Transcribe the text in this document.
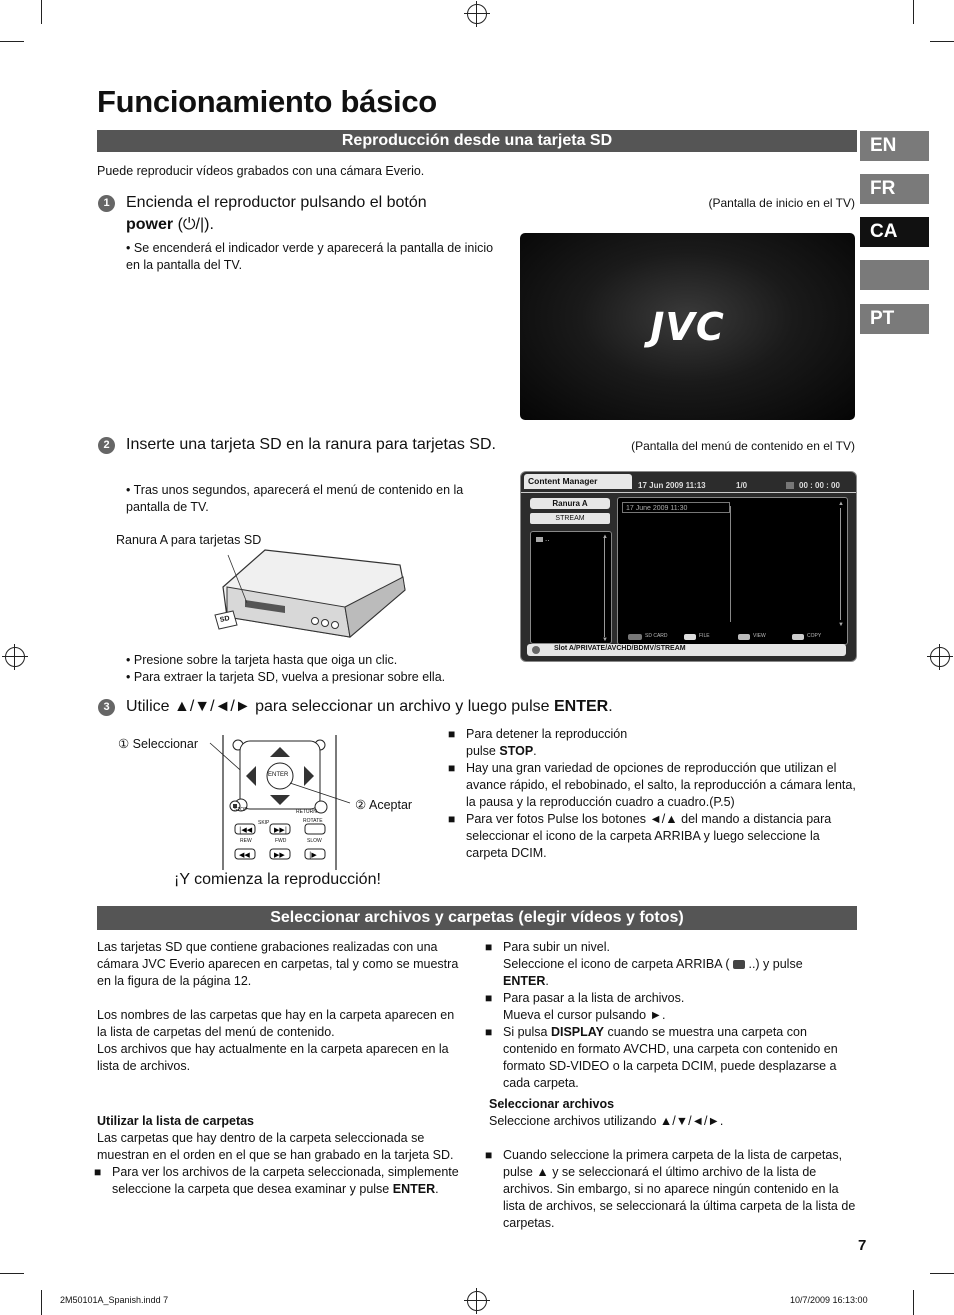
Funcionamiento básico
Reproducción desde una tarjeta SD	EN
FR
CA
PT
Puede reproducir vídeos grabados con una cámara Everio.
1	Encienda el reproductor pulsando el botón
power (⏻/|).
• Se encenderá el indicador verde y aparecerá la pantalla de inicio en la pantalla del TV.
(Pantalla de inicio en el TV)
JVC
2	Inserte una tarjeta SD en la ranura para tarjetas SD.
• Tras unos segundos, aparecerá el menú de contenido en la pantalla de TV.
(Pantalla del menú de contenido en el TV)
Content Manager	17 Jun 2009 11:13	1/0	00 : 00 : 00
Ranura A
STREAM
..	▲
▼
17 June 2009 11:30
▲
▼
SD CARD	FILE	VIEW	COPY
Slot A/PRIVATE/AVCHD/BDMV/STREAM
Ranura A para tarjetas SD
SD
• Presione sobre la tarjeta hasta que oiga un clic.
• Para extraer la tarjeta SD, vuelva a presionar sobre ella.
3	Utilice ▲/▼/◄/► para seleccionar un archivo y luego pulse ENTER.
① Seleccionar
② Aceptar
|◀◀	▶▶|
◀◀	▶▶	|▶
ENTER
STOP	RETURN
SKIP	ROTATE
REW	FWD	SLOW
¡Y comienza la reproducción!
■ Para detener la reproducción pulse STOP.
■ Hay una gran variedad de opciones de reproducción que utilizan el avance rápido, el rebobinado, el salto, la reproducción a cámara lenta, la pausa y la reproducción cuadro a cuadro.(P.5)
■ Para ver fotos Pulse los botones ◄/▲ del mando a distancia para seleccionar el icono de la carpeta ARRIBA y luego seleccione la carpeta DCIM.
Seleccionar archivos y carpetas (elegir vídeos y fotos)
Las tarjetas SD que contiene grabaciones realizadas con una cámara JVC Everio aparecen en carpetas, tal y como se muestra en la figura de la página 12.
Los nombres de las carpetas que hay en la carpeta aparecen en la lista de carpetas del menú de contenido.
Los archivos que hay actualmente en la carpeta aparecen en la lista de archivos.
Utilizar la lista de carpetas
Las carpetas que hay dentro de la carpeta seleccionada se muestran en el orden en el que se han grabado en la tarjeta SD.
■ Para ver los archivos de la carpeta seleccionada, simplemente seleccione la carpeta que desea examinar y pulse ENTER.
■ Para subir un nivel.
Seleccione el icono de carpeta ARRIBA (  ..) y pulse
ENTER.
■ Para pasar a la lista de archivos.
Mueva el cursor pulsando ►.
■ Si pulsa DISPLAY cuando se muestra una carpeta con contenido en formato AVCHD, una carpeta con contenido en formato SD-VIDEO o la carpeta DCIM, puede desplazarse a cada carpeta.
Seleccionar archivos
Seleccione archivos utilizando ▲/▼/◄/►.
■ Cuando seleccione la primera carpeta de la lista de carpetas, pulse ▲ y se seleccionará el último archivo de la lista de archivos. Sin embargo, si no aparece ningún contenido en la lista de archivos, se seleccionará la última carpeta de la lista de carpetas.
7
2M50101A_Spanish.indd 7	10/7/2009 16:13:00
